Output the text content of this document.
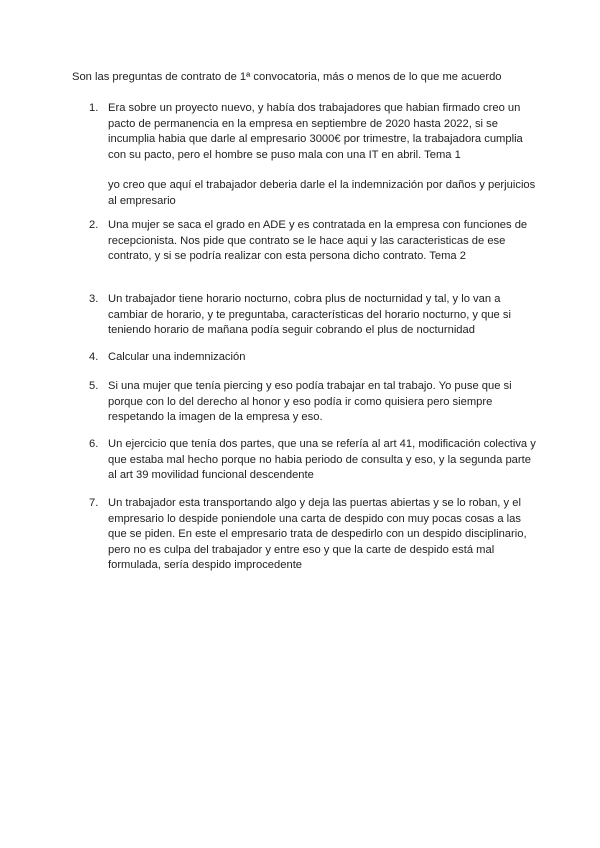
Son las preguntas de contrato de 1ª convocatoria, más o menos de lo que me acuerdo

1. Era sobre un proyecto nuevo, y había dos trabajadores que habian firmado creo un pacto de permanencia en la empresa en septiembre de 2020 hasta 2022, si se incumplia habia que darle al empresario 3000€ por trimestre, la trabajadora cumplia con su pacto, pero el hombre se puso mala con una IT en abril. Tema 1

yo creo que aquí el trabajador deberia darle el la indemnización por daños y perjuicios al empresario

2. Una mujer se saca el grado en ADE y es contratada en la empresa con funciones de recepcionista. Nos pide que contrato se le hace aqui y las caracteristicas de ese contrato, y si se podría realizar con esta persona dicho contrato. Tema 2

3. Un trabajador tiene horario nocturno, cobra plus de nocturnidad y tal, y lo van a cambiar de horario, y te preguntaba, características del horario nocturno, y que si teniendo horario de mañana podía seguir cobrando el plus de nocturnidad

4. Calcular una indemnización

5. Si una mujer que tenía piercing y eso podía trabajar en tal trabajo. Yo puse que si porque con lo del derecho al honor y eso podía ir como quisiera pero siempre respetando la imagen de la empresa y eso.

6. Un ejercicio que tenía dos partes, que una se refería al art 41, modificación colectiva y que estaba mal hecho porque no habia periodo de consulta y eso, y la segunda parte al art 39 movilidad funcional descendente

7. Un trabajador esta transportando algo y deja las puertas abiertas y se lo roban, y el empresario lo despide poniendole una carta de despido con muy pocas cosas a las que se piden. En este el empresario trata de despedirlo con un despido disciplinario, pero no es culpa del trabajador y entre eso y que la carte de despido está mal formulada, sería despido improcedente
